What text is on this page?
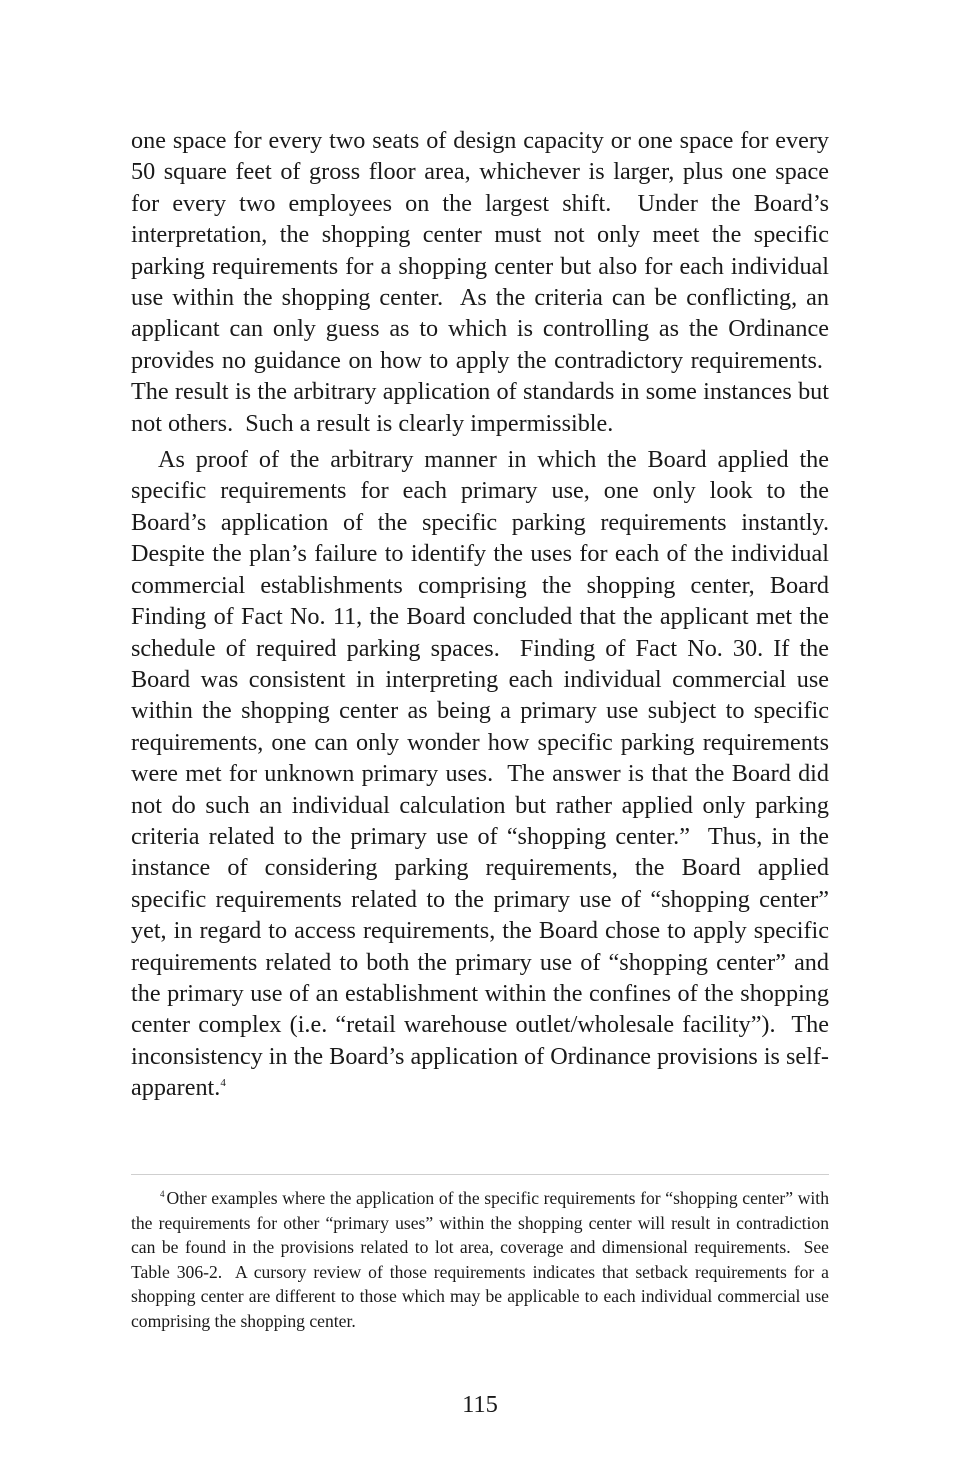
one space for every two seats of design capacity or one space for every 50 square feet of gross floor area, whichever is larger, plus one space for every two employees on the largest shift.  Under the Board’s interpretation, the shopping center must not only meet the specific parking requirements for a shopping center but also for each individual use within the shopping center.  As the criteria can be conflicting, an applicant can only guess as to which is controlling as the Ordinance provides no guidance on how to apply the contradictory requirements.  The result is the arbitrary application of standards in some instances but not others.  Such a result is clearly impermissible.

As proof of the arbitrary manner in which the Board applied the specific requirements for each primary use, one only look to the Board’s application of the specific parking requirements instantly. Despite the plan’s failure to identify the uses for each of the individual commercial establishments comprising the shopping center, Board Finding of Fact No. 11, the Board concluded that the applicant met the schedule of required parking spaces.  Finding of Fact No. 30. If the Board was consistent in interpreting each individual commercial use within the shopping center as being a primary use subject to specific requirements, one can only wonder how specific parking requirements were met for unknown primary uses.  The answer is that the Board did not do such an individual calculation but rather applied only parking criteria related to the primary use of “shopping center.”  Thus, in the instance of considering parking requirements, the Board applied specific requirements related to the primary use of “shopping center” yet, in regard to access requirements, the Board chose to apply specific requirements related to both the primary use of “shopping center” and the primary use of an establishment within the confines of the shopping center complex (i.e. “retail warehouse outlet/wholesale facility”).  The inconsistency in the Board’s application of Ordinance provisions is self-apparent.$^4$

$^4$ Other examples where the application of the specific requirements for “shopping center” with the requirements for other “primary uses” within the shopping center will result in contradiction can be found in the provisions related to lot area, coverage and dimensional requirements.  See Table 306-2.  A cursory review of those requirements indicates that setback requirements for a shopping center are different to those which may be applicable to each individual commercial use comprising the shopping center.

115
